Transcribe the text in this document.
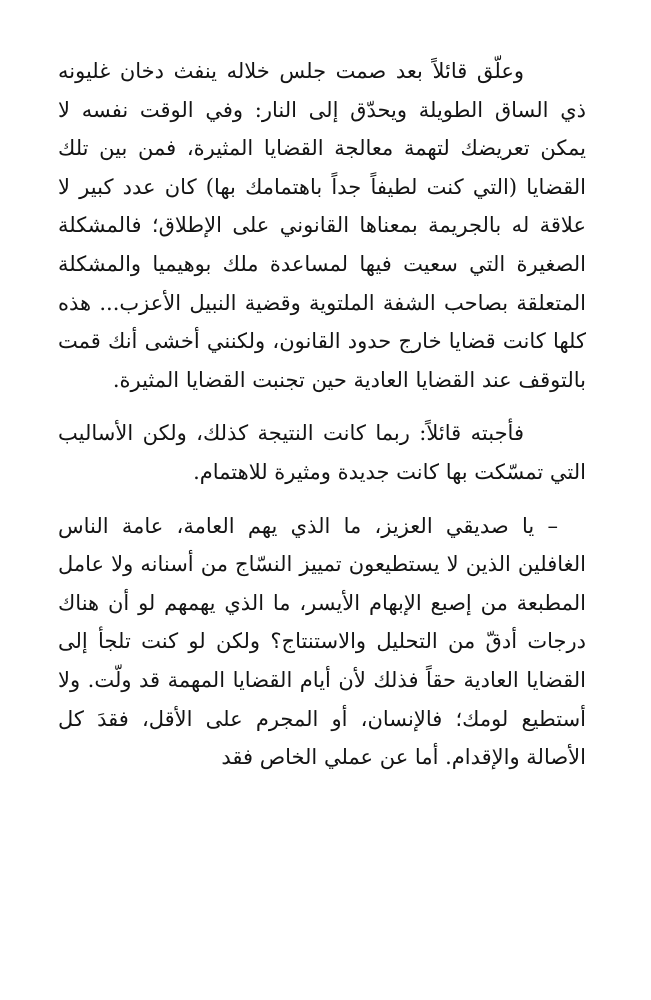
وعلّق قائلاً بعد صمت جلس خلاله ينفث دخان غليونه ذي الساق الطويلة ويحدّق إلى النار: وفي الوقت نفسه لا يمكن تعريضك لتهمة معالجة القضايا المثيرة، فمن بين تلك القضايا (التي كنت لطيفاً جداً باهتمامك بها) كان عدد كبير لا علاقة له بالجريمة بمعناها القانوني على الإطلاق؛ فالمشكلة الصغيرة التي سعيت فيها لمساعدة ملك بوهيميا والمشكلة المتعلقة بصاحب الشفة الملتوية وقضية النبيل الأعزب... هذه كلها كانت قضايا خارج حدود القانون، ولكنني أخشى أنك قمت بالتوقف عند القضايا العادية حين تجنبت القضايا المثيرة.

فأجبته قائلاً: ربما كانت النتيجة كذلك، ولكن الأساليب التي تمسّكت بها كانت جديدة ومثيرة للاهتمام.

– يا صديقي العزيز، ما الذي يهم العامة، عامة الناس الغافلين الذين لا يستطيعون تمييز النسّاج من أسنانه ولا عامل المطبعة من إصبع الإبهام الأيسر، ما الذي يهمهم لو أن هناك درجات أدقّ من التحليل والاستنتاج؟ ولكن لو كنت تلجأ إلى القضايا العادية حقاً فذلك لأن أيام القضايا المهمة قد ولّت. ولا أستطيع لومك؛ فالإنسان، أو المجرم على الأقل، فقدَ كل الأصالة والإقدام. أما عن عملي الخاص فقد
